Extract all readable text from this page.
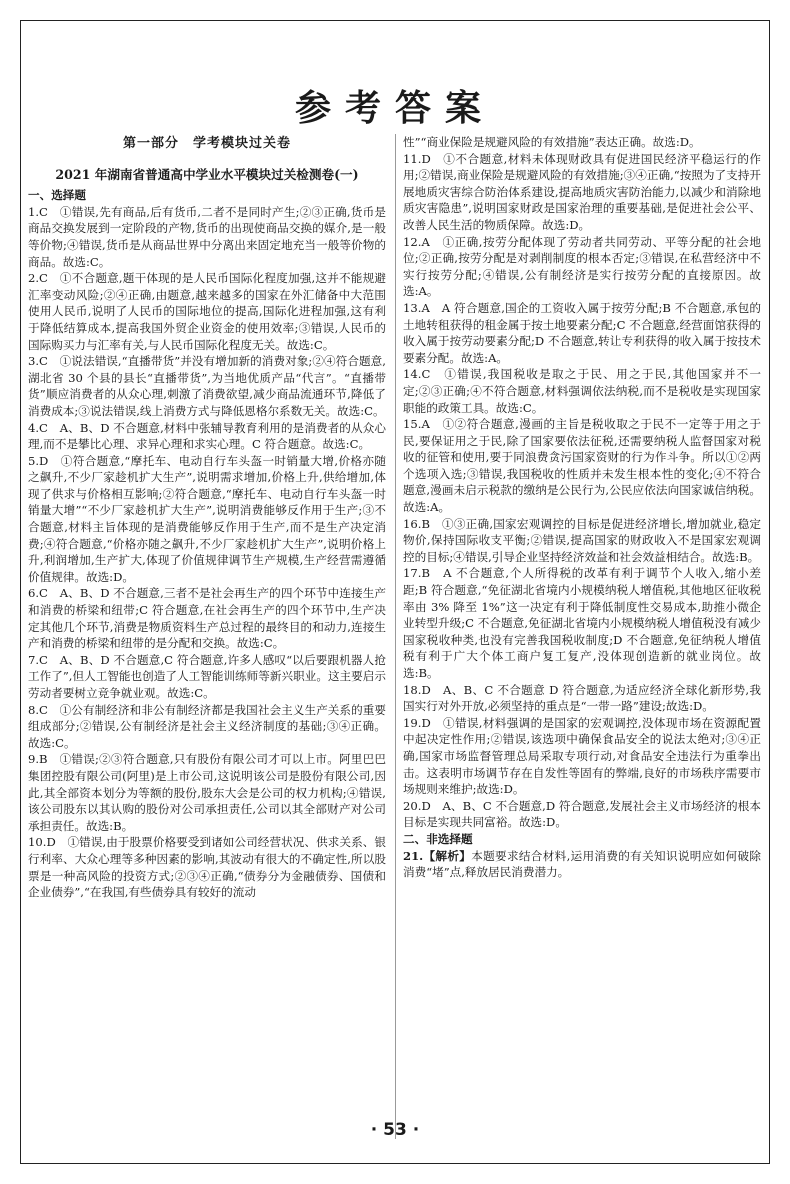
参考答案
第一部分　学考模块过关卷
2021 年湖南省普通高中学业水平模块过关检测卷(一)
一、选择题

1.C　①错误,先有商品,后有货币,二者不是同时产生;②③正确,货币是商品交换发展到一定阶段的产物,货币的出现使商品交换的媒介,是一般等价物;④错误,货币是从商品世界中分离出来固定地充当一般等价物的商品。故选:C。

2.C　①不合题意,题干体现的是人民币国际化程度加强,这并不能规避汇率变动风险;②④正确,由题意,越来越多的国家在外汇储备中大范围使用人民币,说明了人民币的国际地位的提高,国际化进程加强,这有利于降低结算成本,提高我国外贸企业资金的使用效率;③错误,人民币的国际购买力与汇率有关,与人民币国际化程度无关。故选:C。

3.C　①说法错误,“直播带货”并没有增加新的消费对象;②④符合题意,湖北省 30 个县的县长“直播带货”,为当地优质产品“代言”。“直播带货”顺应消费者的从众心理,刺激了消费欲望,减少商品流通环节,降低了消费成本;③说法错误,线上消费方式与降低恩格尔系数无关。故选:C。

4.C　A、B、D 不合题意,材料中张辅导教育利用的是消费者的从众心理,而不是攀比心理、求异心理和求实心理。C 符合题意。故选:C。

5.D　①符合题意,“摩托车、电动自行车头盔一时销量大增,价格亦随之飙升,不少厂家趁机扩大生产”,说明需求增加,价格上升,供给增加,体现了供求与价格相互影响;②符合题意,“摩托车、电动自行车头盔一时销量大增”“不少厂家趁机扩大生产”,说明消费能够反作用于生产;③不合题意,材料主旨体现的是消费能够反作用于生产,而不是生产决定消费;④符合题意,“价格亦随之飙升,不少厂家趁机扩大生产”,说明价格上升,利润增加,生产扩大,体现了价值规律调节生产规模,生产经营需遵循价值规律。故选:D。

6.C　A、B、D 不合题意,三者不是社会再生产的四个环节中连接生产和消费的桥梁和纽带;C 符合题意,在社会再生产的四个环节中,生产决定其他几个环节,消费是物质资料生产总过程的最终目的和动力,连接生产和消费的桥梁和纽带的是分配和交换。故选:C。

7.C　A、B、D 不合题意,C 符合题意,许多人感叹“以后要跟机器人抢工作了”,但人工智能也创造了人工智能训练师等新兴职业。这主要启示劳动者要树立竞争就业观。故选:C。

8.C　①公有制经济和非公有制经济都是我国社会主义生产关系的重要组成部分;②错误,公有制经济是社会主义经济制度的基础;③④正确。故选:C。

9.B　①错误;②③符合题意,只有股份有限公司才可以上市。阿里巴巴集团控股有限公司(阿里)是上市公司,这说明该公司是股份有限公司,因此,其全部资本划分为等额的股份,股东大会是公司的权力机构;④错误,该公司股东以其认购的股份对公司承担责任,公司以其全部财产对公司承担责任。故选:B。

10.D　①错误,由于股票价格要受到诸如公司经营状况、供求关系、银行利率、大众心理等多种因素的影响,其波动有很大的不确定性,所以股票是一种高风险的投资方式;②③④正确,“债券分为金融债券、国债和企业债券”,“在我国,有些债券具有较好的流动

性”“商业保险是规避风险的有效措施”表达正确。故选:D。

11.D　①不合题意,材料未体现财政具有促进国民经济平稳运行的作用;②错误,商业保险是规避风险的有效措施;③④正确,“按照为了支持开展地质灾害综合防治体系建设,提高地质灾害防治能力,以减少和消除地质灾害隐患”,说明国家财政是国家治理的重要基础,是促进社会公平、改善人民生活的物质保障。故选:D。

12.A　①正确,按劳分配体现了劳动者共同劳动、平等分配的社会地位;②正确,按劳分配是对剥削制度的根本否定;③错误,在私营经济中不实行按劳分配;④错误,公有制经济是实行按劳分配的直接原因。故选:A。

13.A　A 符合题意,国企的工资收入属于按劳分配;B 不合题意,承包的土地转租获得的租金属于按土地要素分配;C 不合题意,经营面馆获得的收入属于按劳动要素分配;D 不合题意,转让专利获得的收入属于按技术要素分配。故选:A。

14.C　①错误,我国税收是取之于民、用之于民,其他国家并不一定;②③正确;④不符合题意,材料强调依法纳税,而不是税收是实现国家职能的政策工具。故选:C。

15.A　①②符合题意,漫画的主旨是税收取之于民不一定等于用之于民,要保证用之于民,除了国家要依法征税,还需要纳税人监督国家对税收的征管和使用,要于同浪费贪污国家资财的行为作斗争。所以①②两个选项入选;③错误,我国税收的性质并未发生根本性的变化;④不符合题意,漫画未启示税款的缴纳是公民行为,公民应依法向国家诚信纳税。故选:A。

16.B　①③正确,国家宏观调控的目标是促进经济增长,增加就业,稳定物价,保持国际收支平衡;②错误,提高国家的财政收入不是国家宏观调控的目标;④错误,引导企业坚持经济效益和社会效益相结合。故选:B。

17.B　A 不合题意,个人所得税的改革有利于调节个人收入,缩小差距;B 符合题意,“免征湖北省境内小规模纳税人增值税,其他地区征收税率由 3% 降至 1%”这一决定有利于降低制度性交易成本,助推小微企业转型升级;C 不合题意,免征湖北省境内小规模纳税人增值税没有减少国家税收种类,也没有完善我国税收制度;D 不合题意,免征纳税人增值税有利于广大个体工商户复工复产,没体现创造新的就业岗位。故选:B。

18.D　A、B、C 不合题意 D 符合题意,为适应经济全球化新形势,我国实行对外开放,必须坚持的重点是“一带一路”建设;故选:D。

19.D　①错误,材料强调的是国家的宏观调控,没体现市场在资源配置中起决定性作用;②错误,该选项中确保食品安全的说法太绝对;③④正确,国家市场监督管理总局采取专项行动,对食品安全违法行为重拳出击。这表明市场调节存在自发性等固有的弊端,良好的市场秩序需要市场规则来维护;故选:D。

20.D　A、B、C 不合题意,D 符合题意,发展社会主义市场经济的根本目标是实现共同富裕。故选:D。

二、非选择题

21.【解析】本题要求结合材料,运用消费的有关知识说明应如何破除消费“堵”点,释放居民消费潜力。

· 53 ·
